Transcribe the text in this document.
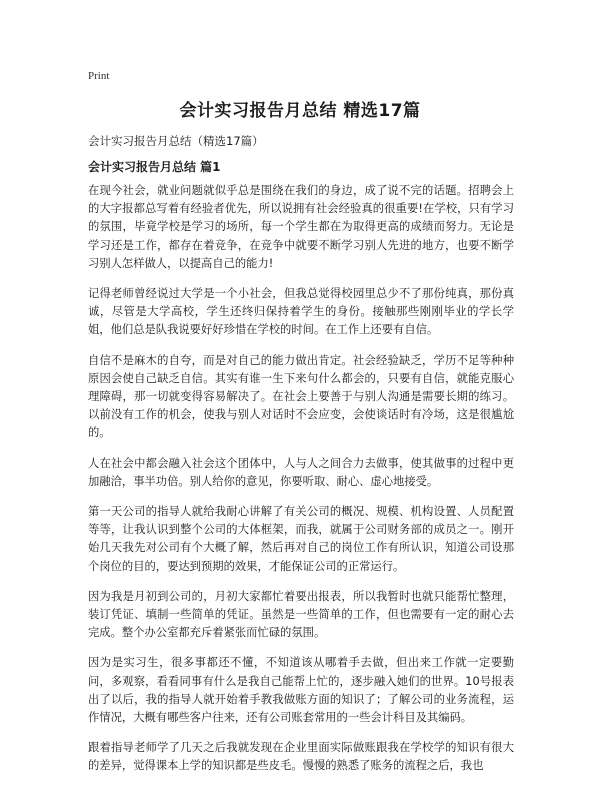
Print
会计实习报告月总结 精选17篇

会计实习报告月总结（精选17篇）

会计实习报告月总结 篇1

在现今社会，就业问题就似乎总是围绕在我们的身边，成了说不完的话题。招聘会上的大字报都总写着有经验者优先，所以说拥有社会经验真的很重要!在学校，只有学习的氛围，毕竟学校是学习的场所，每一个学生都在为取得更高的成绩而努力。无论是学习还是工作，都存在着竞争，在竞争中就要不断学习别人先进的地方，也要不断学习别人怎样做人，以提高自己的能力!

记得老师曾经说过大学是一个小社会，但我总觉得校园里总少不了那份纯真，那份真诚，尽管是大学高校，学生还终归保持着学生的身份。接触那些刚刚毕业的学长学姐，他们总是队我说要好好珍惜在学校的时间。在工作上还要有自信。

自信不是麻木的自夸，而是对自己的能力做出肯定。社会经验缺乏，学历不足等种种原因会使自己缺乏自信。其实有谁一生下来句什么都会的，只要有自信，就能克服心理障碍，那一切就变得容易解决了。在社会上要善于与别人沟通是需要长期的练习。以前没有工作的机会，使我与别人对话时不会应变，会使谈话时有冷场，这是很尴尬的。

人在社会中都会融入社会这个团体中，人与人之间合力去做事，使其做事的过程中更加融洽，事半功倍。别人给你的意见，你要听取、耐心、虚心地接受。

第一天公司的指导人就给我耐心讲解了有关公司的概况、规模、机构设置、人员配置等等，让我认识到整个公司的大体框架，而我，就属于公司财务部的成员之一。刚开始几天我先对公司有个大概了解，然后再对自己的岗位工作有所认识，知道公司设那个岗位的目的，要达到预期的效果，才能保证公司的正常运行。

因为我是月初到公司的，月初大家都忙着要出报表，所以我暂时也就只能帮忙整理，装订凭证、填制一些简单的凭证。虽然是一些简单的工作，但也需要有一定的耐心去完成。整个办公室都充斥着紧张而忙碌的氛围。

因为是实习生，很多事都还不懂，不知道该从哪着手去做，但出来工作就一定要勤问，多观察，看看同事有什么是我自己能帮上忙的，逐步融入她们的世界。10号报表出了以后，我的指导人就开始着手教我做账方面的知识了；了解公司的业务流程，运作情况，大概有哪些客户往来，还有公司账套常用的一些会计科目及其编码。

跟着指导老师学了几天之后我就发现在企业里面实际做账跟我在学校学的知识有很大的差异，觉得课本上学的知识都是些皮毛。慢慢的熟悉了账务的流程之后，我也
